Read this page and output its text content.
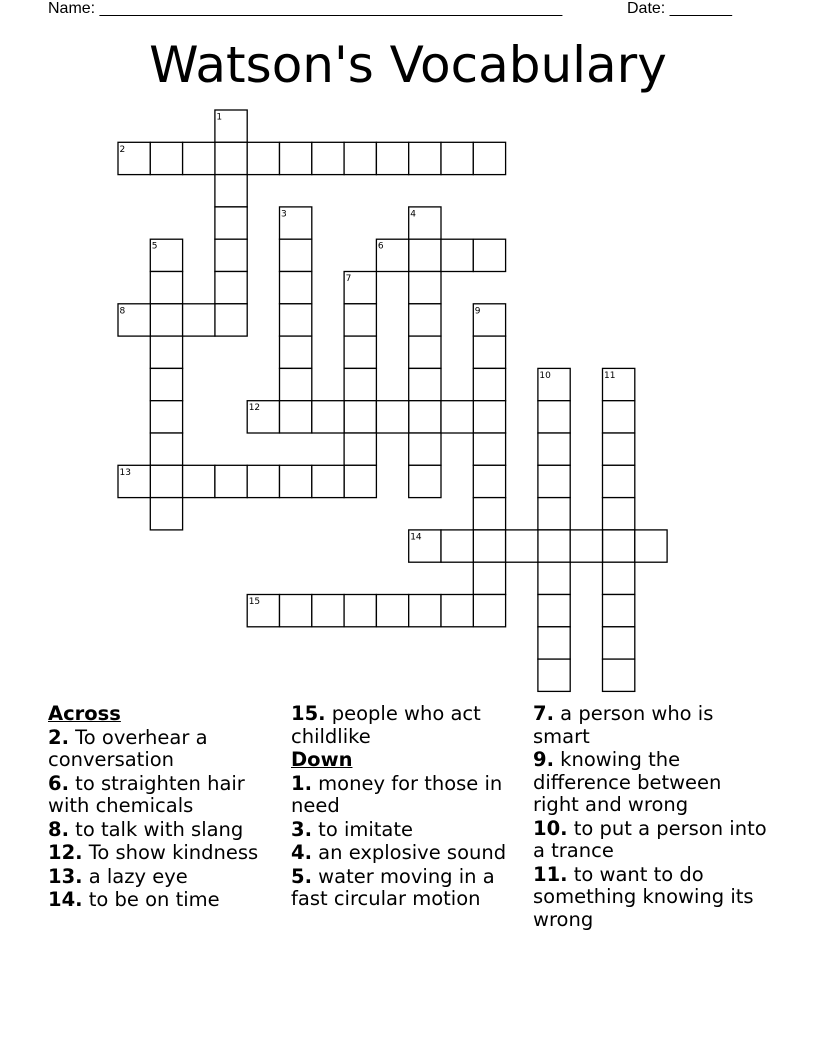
Name: ____________________________________________________	Date: _______
Watson's Vocabulary
1
2
3	4
5	6
7
8	9
10	11
12
13
14
15
Across
2. To overhear a conversation
6. to straighten hair with chemicals
8. to talk with slang
12. To show kindness
13. a lazy eye
14. to be on time
15. people who act childlike
Down
1. money for those in need
3. to imitate
4. an explosive sound
5. water moving in a fast circular motion
7. a person who is smart
9. knowing the difference between right and wrong
10. to put a person into a trance
11. to want to do something knowing its wrong
